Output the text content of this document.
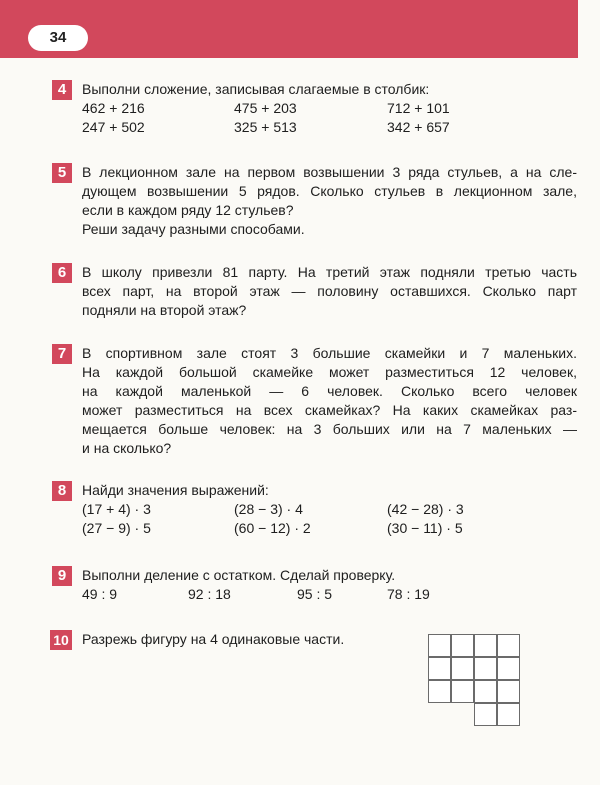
34
4	Выполни сложение, записывая слагаемые в столбик:
462 + 216	475 + 203	712 + 101
247 + 502	325 + 513	342 + 657
5	В лекционном зале на первом возвышении 3 ряда стульев, а на сле-
дующем возвышении 5 рядов. Сколько стульев в лекционном зале,
если в каждом ряду 12 стульев?
Реши задачу разными способами.
6	В школу привезли 81 парту. На третий этаж подняли третью часть
всех парт, на второй этаж — половину оставшихся. Сколько парт
подняли на второй этаж?
7	В спортивном зале стоят 3 большие скамейки и 7 маленьких.
На каждой большой скамейке может разместиться 12 человек,
на каждой маленькой — 6 человек. Сколько всего человек
может разместиться на всех скамейках? На каких скамейках раз-
мещается больше человек: на 3 больших или на 7 маленьких —
и на сколько?
8	Найди значения выражений:
(17 + 4) · 3	(28 − 3) · 4	(42 − 28) · 3
(27 − 9) · 5	(60 − 12) · 2	(30 − 11) · 5
9	Выполни деление с остатком. Сделай проверку.
49 : 9	92 : 18	95 : 5	78 : 19
10 Разрежь фигуру на 4 одинаковые части.
